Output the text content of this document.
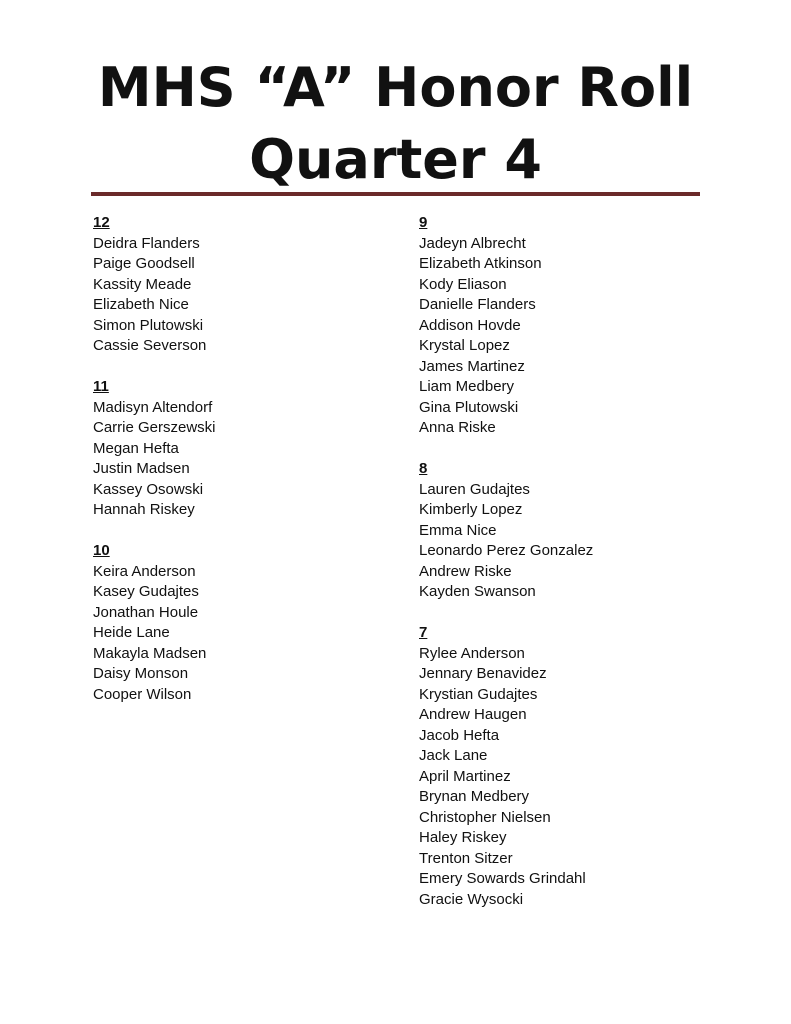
MHS “A” Honor Roll
Quarter 4
12
Deidra Flanders
Paige Goodsell
Kassity Meade
Elizabeth Nice
Simon Plutowski
Cassie Severson
11
Madisyn Altendorf
Carrie Gerszewski
Megan Hefta
Justin Madsen
Kassey Osowski
Hannah Riskey
10
Keira Anderson
Kasey Gudajtes
Jonathan Houle
Heide Lane
Makayla Madsen
Daisy Monson
Cooper Wilson
9
Jadeyn Albrecht
Elizabeth Atkinson
Kody Eliason
Danielle Flanders
Addison Hovde
Krystal Lopez
James Martinez
Liam Medbery
Gina Plutowski
Anna Riske
8
Lauren Gudajtes
Kimberly Lopez
Emma Nice
Leonardo Perez Gonzalez
Andrew Riske
Kayden Swanson
7
Rylee Anderson
Jennary Benavidez
Krystian Gudajtes
Andrew Haugen
Jacob Hefta
Jack Lane
April Martinez
Brynan Medbery
Christopher Nielsen
Haley Riskey
Trenton Sitzer
Emery Sowards Grindahl
Gracie Wysocki
